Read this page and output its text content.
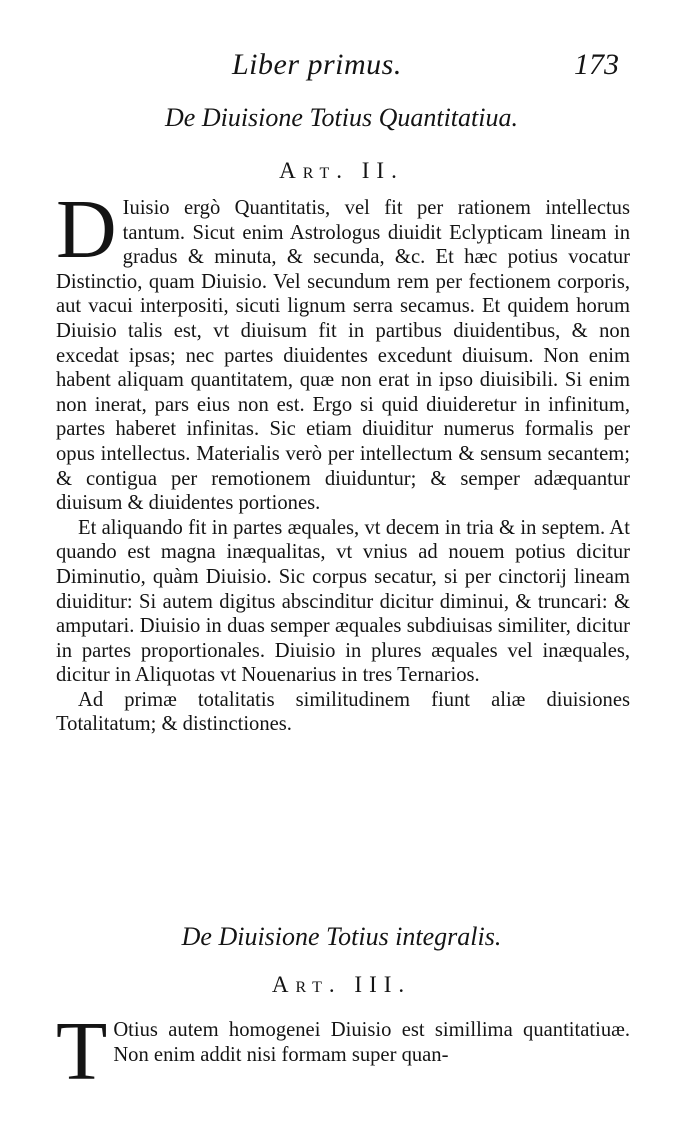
Liber primus.	173
De Diuisione Totius Quantitatiua.
Art. II.
D Iuisio ergò Quantitatis, vel fit per rationem intellectus tantum. Sicut enim Astrologus diuidit Eclypticam lineam in gradus & minuta, & secunda, &c. Et hæc potius vocatur Distinctio, quam Diuisio. Vel secundum rem per fectionem corporis, aut vacui interpositi, sicuti lignum serra secamus. Et quidem horum Diuisio talis est, vt diuisum fit in partibus diuidentibus, & non excedat ipsas; nec partes diuidentes excedunt diuisum. Non enim habent aliquam quantitatem, quæ non erat in ipso diuisibili. Si enim non inerat, pars eius non est. Ergo si quid diuideretur in infinitum, partes haberet infinitas. Sic etiam diuiditur numerus formalis per opus intellectus. Materialis verò per intellectum & sensum secantem; & contigua per remotionem diuiduntur; & semper adæquantur diuisum & diuidentes portiones.

Et aliquando fit in partes æquales, vt decem in tria & in septem. At quando est magna inæqualitas, vt vnius ad nouem potius dicitur Diminutio, quàm Diuisio. Sic corpus secatur, si per cinctorij lineam diuiditur: Si autem digitus abscinditur dicitur diminui, & truncari: & amputari. Diuisio in duas semper æquales subdiuisas similiter, dicitur in partes proportionales. Diuisio in plures æquales vel inæquales, dicitur in Aliquotas vt Nouenarius in tres Ternarios.

Ad primæ totalitatis similitudinem fiunt aliæ diuisiones Totalitatum; & distinctiones.

De Diuisione Totius integralis.
Art. III.
T Otius autem homogenei Diuisio est simillima quantitatiuæ. Non enim addit nisi formam super quan-
